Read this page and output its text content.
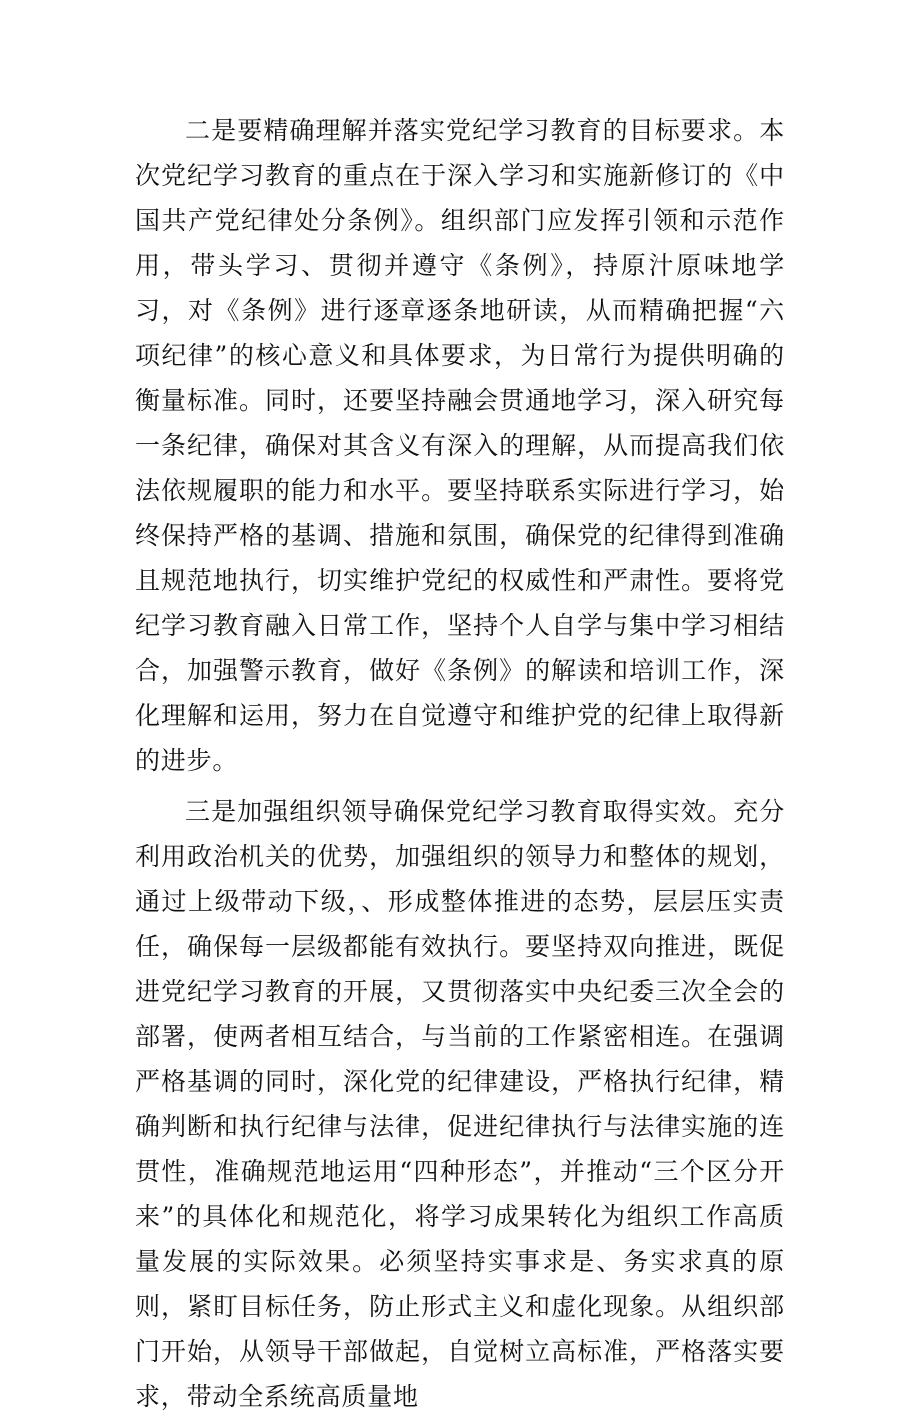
二是要精确理解并落实党纪学习教育的目标要求。本次党纪学习教育的重点在于深入学习和实施新修订的《中国共产党纪律处分条例》。组织部门应发挥引领和示范作用，带头学习、贯彻并遵守《条例》，持原汁原味地学习，对《条例》进行逐章逐条地研读，从而精确把握“六项纪律”的核心意义和具体要求，为日常行为提供明确的衡量标准。同时，还要坚持融会贯通地学习，深入研究每一条纪律，确保对其含义有深入的理解，从而提高我们依法依规履职的能力和水平。要坚持联系实际进行学习，始终保持严格的基调、措施和氛围，确保党的纪律得到准确且规范地执行，切实维护党纪的权威性和严肃性。要将党纪学习教育融入日常工作，坚持个人自学与集中学习相结合，加强警示教育，做好《条例》的解读和培训工作，深化理解和运用，努力在自觉遵守和维护党的纪律上取得新的进步。

三是加强组织领导确保党纪学习教育取得实效。充分利用政治机关的优势，加强组织的领导力和整体的规划，通过上级带动下级，、形成整体推进的态势，层层压实责任，确保每一层级都能有效执行。要坚持双向推进，既促进党纪学习教育的开展，又贯彻落实中央纪委三次全会的部署，使两者相互结合，与当前的工作紧密相连。在强调严格基调的同时，深化党的纪律建设，严格执行纪律，精确判断和执行纪律与法律，促进纪律执行与法律实施的连贯性，准确规范地运用“四种形态”，并推动“三个区分开来”的具体化和规范化，将学习成果转化为组织工作高质量发展的实际效果。必须坚持实事求是、务实求真的原则，紧盯目标任务，防止形式主义和虚化现象。从组织部门开始，从领导干部做起，自觉树立高标准，严格落实要求，带动全系统高质量地
